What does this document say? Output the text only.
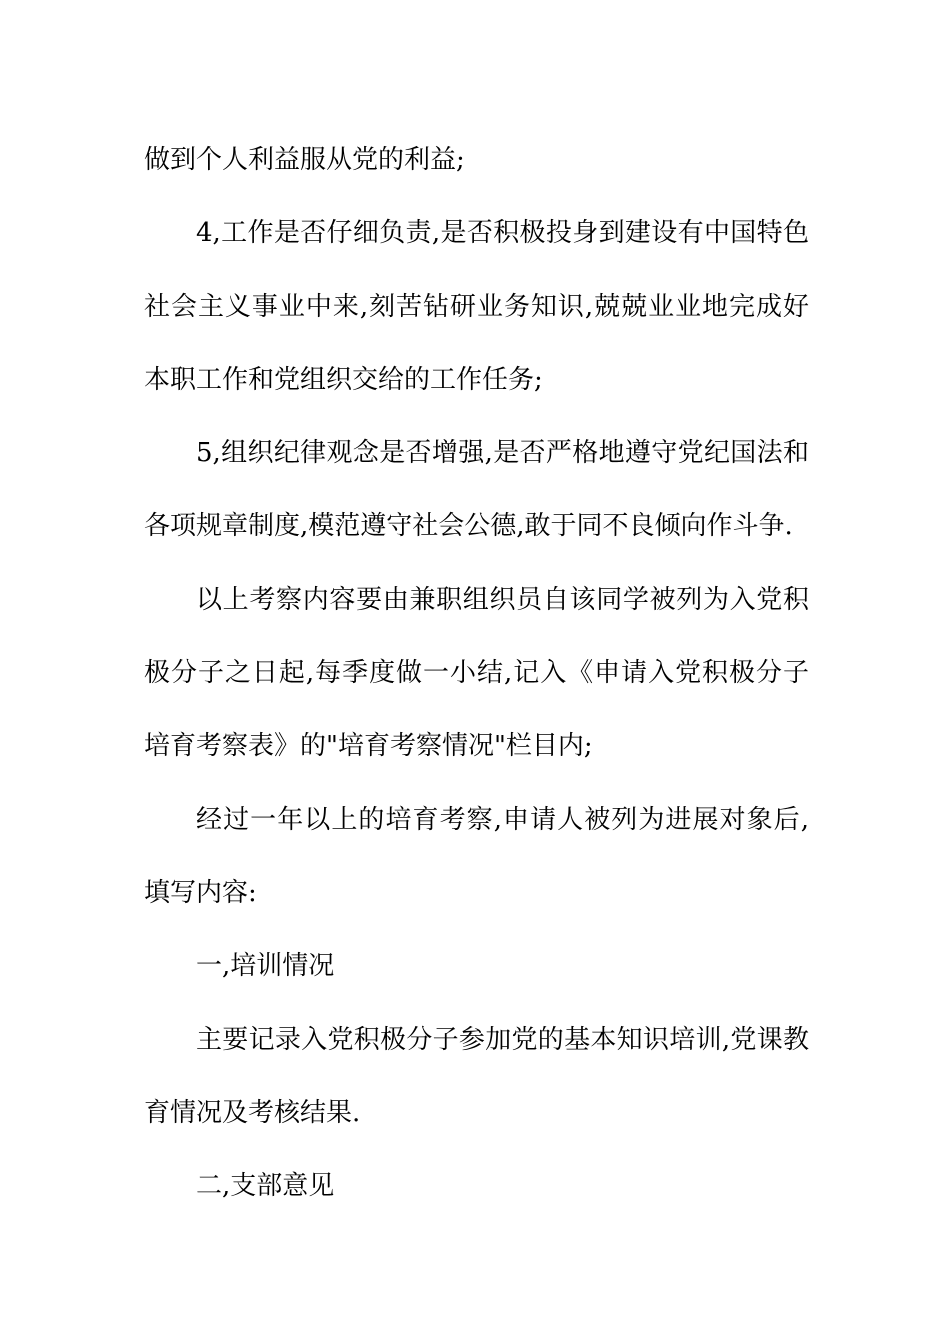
做到个人利益服从党的利益;

4,工作是否仔细负责,是否积极投身到建设有中国特色社会主义事业中来,刻苦钻研业务知识,兢兢业业地完成好本职工作和党组织交给的工作任务;

5,组织纪律观念是否增强,是否严格地遵守党纪国法和各项规章制度,模范遵守社会公德,敢于同不良倾向作斗争.

以上考察内容要由兼职组织员自该同学被列为入党积极分子之日起,每季度做一小结,记入《申请入党积极分子培育考察表》的"培育考察情况"栏目内;

经过一年以上的培育考察,申请人被列为进展对象后,填写内容:

一,培训情况

主要记录入党积极分子参加党的基本知识培训,党课教育情况及考核结果.

二,支部意见
